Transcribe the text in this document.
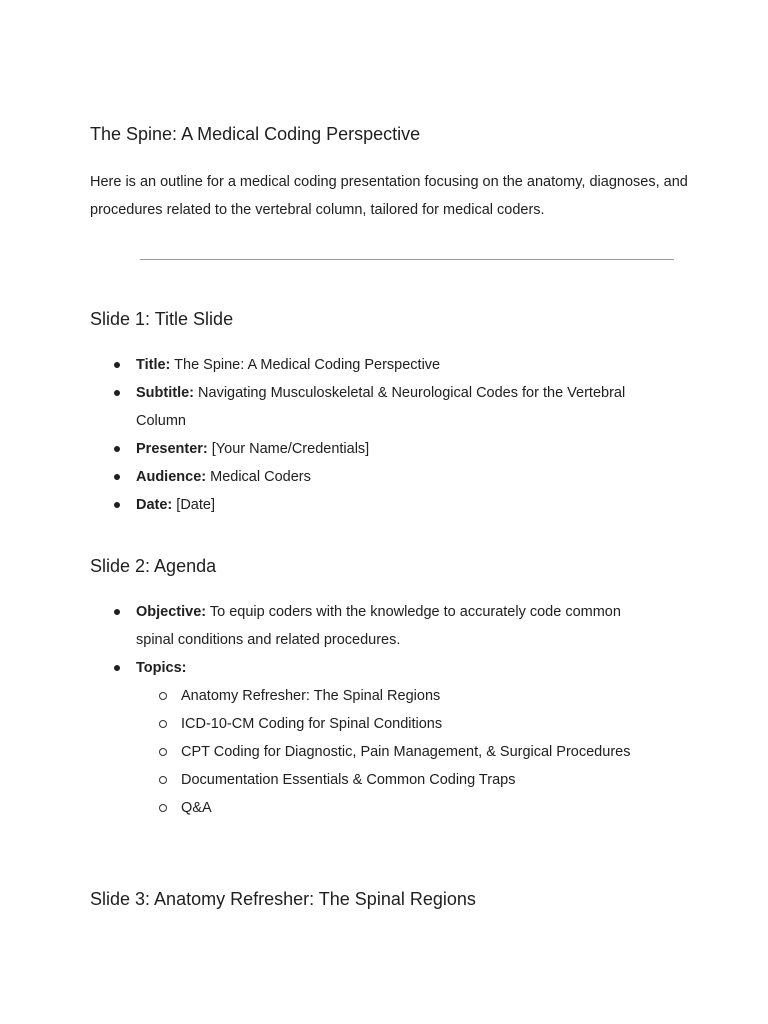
The Spine: A Medical Coding Perspective

Here is an outline for a medical coding presentation focusing on the anatomy, diagnoses, and procedures related to the vertebral column, tailored for medical coders.

Slide 1: Title Slide
Title: The Spine: A Medical Coding Perspective
Subtitle: Navigating Musculoskeletal & Neurological Codes for the Vertebral Column
Presenter: [Your Name/Credentials]
Audience: Medical Coders
Date: [Date]
Slide 2: Agenda
Objective: To equip coders with the knowledge to accurately code common spinal conditions and related procedures.
Topics:
Anatomy Refresher: The Spinal Regions
ICD-10-CM Coding for Spinal Conditions
CPT Coding for Diagnostic, Pain Management, & Surgical Procedures
Documentation Essentials & Common Coding Traps
Q&A
Slide 3: Anatomy Refresher: The Spinal Regions
